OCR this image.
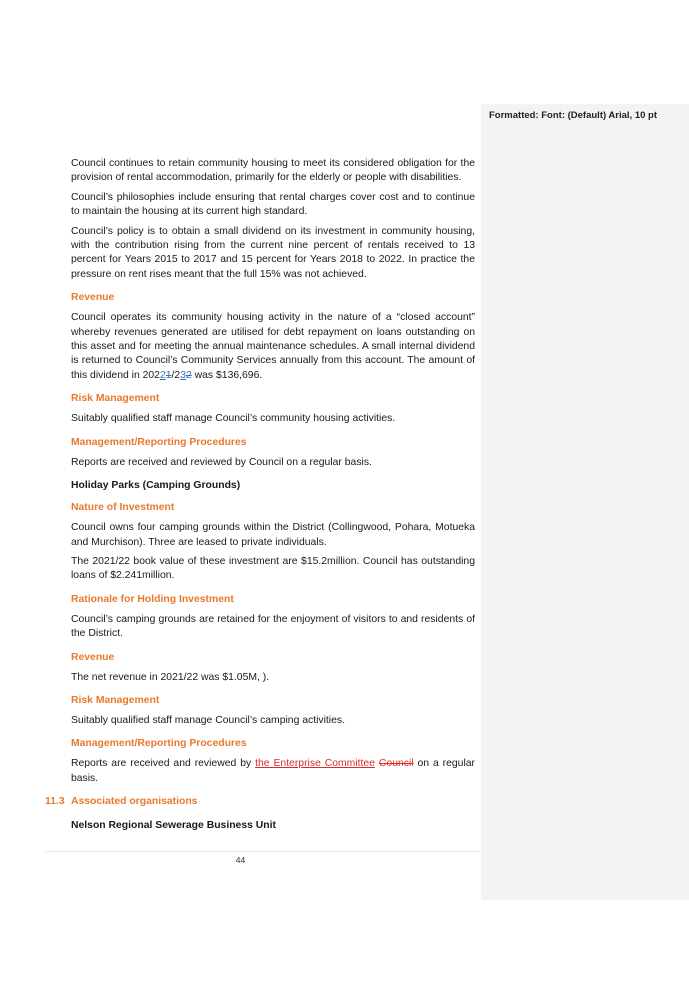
Formatted: Font: (Default) Arial, 10 pt

Council continues to retain community housing to meet its considered obligation for the provision of rental accommodation, primarily for the elderly or people with disabilities.

Council’s philosophies include ensuring that rental charges cover cost and to continue to maintain the housing at its current high standard.

Council’s policy is to obtain a small dividend on its investment in community housing, with the contribution rising from the current nine percent of rentals received to 13 percent for Years 2015 to 2017 and 15 percent for Years 2018 to 2022. In practice the pressure on rent rises meant that the full 15% was not achieved.

Revenue

Council operates its community housing activity in the nature of a “closed account” whereby revenues generated are utilised for debt repayment on loans outstanding on this asset and for meeting the annual maintenance schedules. A small internal dividend is returned to Council’s Community Services annually from this account. The amount of this dividend in 20221/232 was $136,696.

Risk Management

Suitably qualified staff manage Council’s community housing activities.

Management/Reporting Procedures

Reports are received and reviewed by Council on a regular basis.

Holiday Parks (Camping Grounds)
Nature of Investment

Council owns four camping grounds within the District (Collingwood, Pohara, Motueka and Murchison). Three are leased to private individuals.

The 2021/22 book value of these investment are $15.2million. Council has outstanding loans of $2.241million.

Rationale for Holding Investment

Council’s camping grounds are retained for the enjoyment of visitors to and residents of the District.

Revenue

The net revenue in 2021/22 was $1.05M, ).

Risk Management

Suitably qualified staff manage Council’s camping activities.

Management/Reporting Procedures

Reports are received and reviewed by the Enterprise Committee Council on a regular basis.

11.3 Associated organisations
Nelson Regional Sewerage Business Unit
44
